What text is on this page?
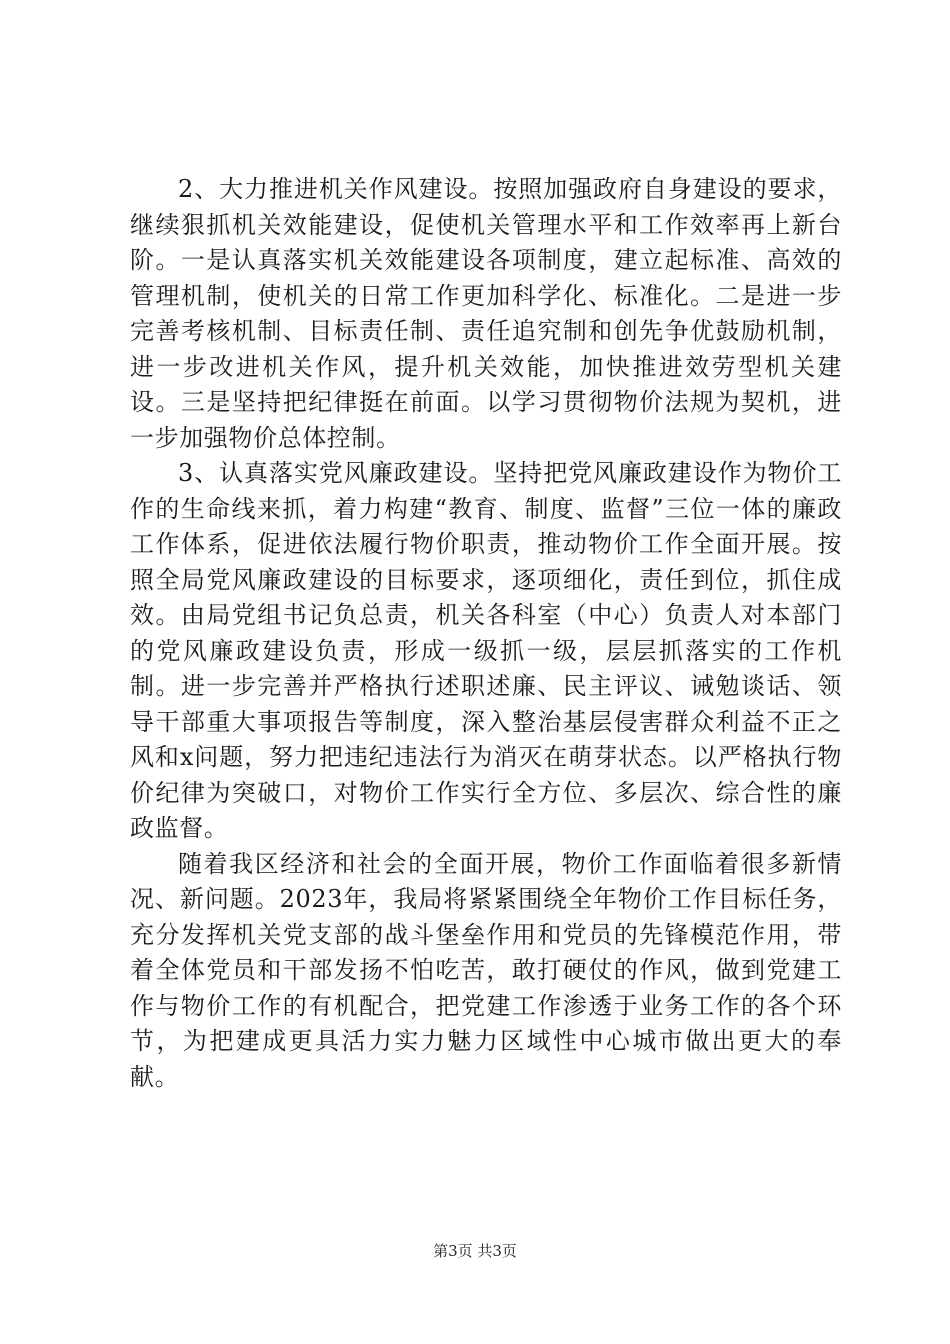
2、大力推进机关作风建设。按照加强政府自身建设的要求，继续狠抓机关效能建设，促使机关管理水平和工作效率再上新台阶。一是认真落实机关效能建设各项制度，建立起标准、高效的管理机制，使机关的日常工作更加科学化、标准化。二是进一步完善考核机制、目标责任制、责任追究制和创先争优鼓励机制，进一步改进机关作风，提升机关效能，加快推进效劳型机关建设。三是坚持把纪律挺在前面。以学习贯彻物价法规为契机，进一步加强物价总体控制。

3、认真落实党风廉政建设。坚持把党风廉政建设作为物价工作的生命线来抓，着力构建“教育、制度、监督”三位一体的廉政工作体系，促进依法履行物价职责，推动物价工作全面开展。按照全局党风廉政建设的目标要求，逐项细化，责任到位，抓住成效。由局党组书记负总责，机关各科室（中心）负责人对本部门的党风廉政建设负责，形成一级抓一级，层层抓落实的工作机制。进一步完善并严格执行述职述廉、民主评议、诫勉谈话、领导干部重大事项报告等制度，深入整治基层侵害群众利益不正之风和x问题，努力把违纪违法行为消灭在萌芽状态。以严格执行物价纪律为突破口，对物价工作实行全方位、多层次、综合性的廉政监督。

随着我区经济和社会的全面开展，物价工作面临着很多新情况、新问题。2023年，我局将紧紧围绕全年物价工作目标任务，充分发挥机关党支部的战斗堡垒作用和党员的先锋模范作用，带着全体党员和干部发扬不怕吃苦，敢打硬仗的作风，做到党建工作与物价工作的有机配合，把党建工作渗透于业务工作的各个环节，为把建成更具活力实力魅力区域性中心城市做出更大的奉献。

第3页 共3页
